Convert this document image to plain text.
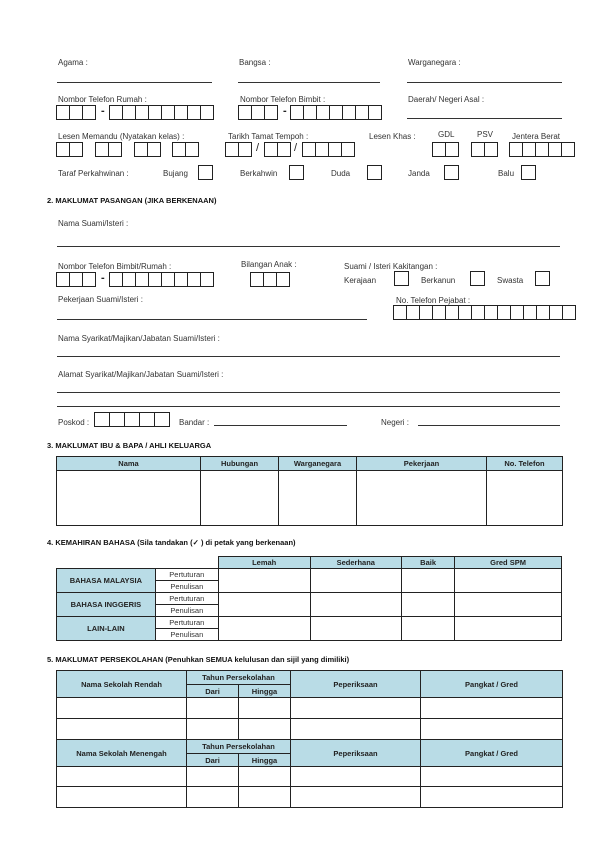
Agama :	Bangsa :	Warganegara :
Nombor Telefon Rumah :
-
Nombor Telefon Bimbit :
-
Daerah/ Negeri Asal :
Lesen Memandu (Nyatakan kelas) :	Tarikh Tamat Tempoh :
/	/
Lesen Khas :	GDL	PSV Jentera Berat
Taraf Perkahwinan :	Bujang	Berkahwin	Duda	Janda	Balu
2. MAKLUMAT PASANGAN (JIKA BERKENAAN)
Nama Suami/Isteri :
Nombor Telefon Bimbit/Rumah :
-
Bilangan Anak :	Suami / Isteri Kakitangan :
Kerajaan	Berkanun	Swasta
Pekerjaan Suami/Isteri :	No. Telefon Pejabat :
Nama Syarikat/Majikan/Jabatan Suami/Isteri :
Alamat Syarikat/Majikan/Jabatan Suami/Isteri :
Poskod :	Bandar :	Negeri :
3. MAKLUMAT IBU & BAPA / AHLI KELUARGA
Nama	Hubungan	Warganegara	Pekerjaan	No. Telefon

4. KEMAHIRAN BAHASA (Sila tandakan (✓ ) di petak yang berkenaan)
		Lemah	Sederhana	Baik	Gred SPM
BAHASA MALAYSIA	Pertuturan				
	Penulisan				
BAHASA INGGERIS	Pertuturan				
	Penulisan				
LAIN-LAIN	Pertuturan				
	Penulisan				
5. MAKLUMAT PERSEKOLAHAN (Penuhkan SEMUA kelulusan dan sijil yang dimiliki)
Nama Sekolah Rendah	Tahun Persekolahan		Peperiksaan	Pangkat / Gred
	Dari	Hingga		

Nama Sekolah Menengah	Tahun Persekolahan		Peperiksaan	Pangkat / Gred
	Dari	Hingga		
